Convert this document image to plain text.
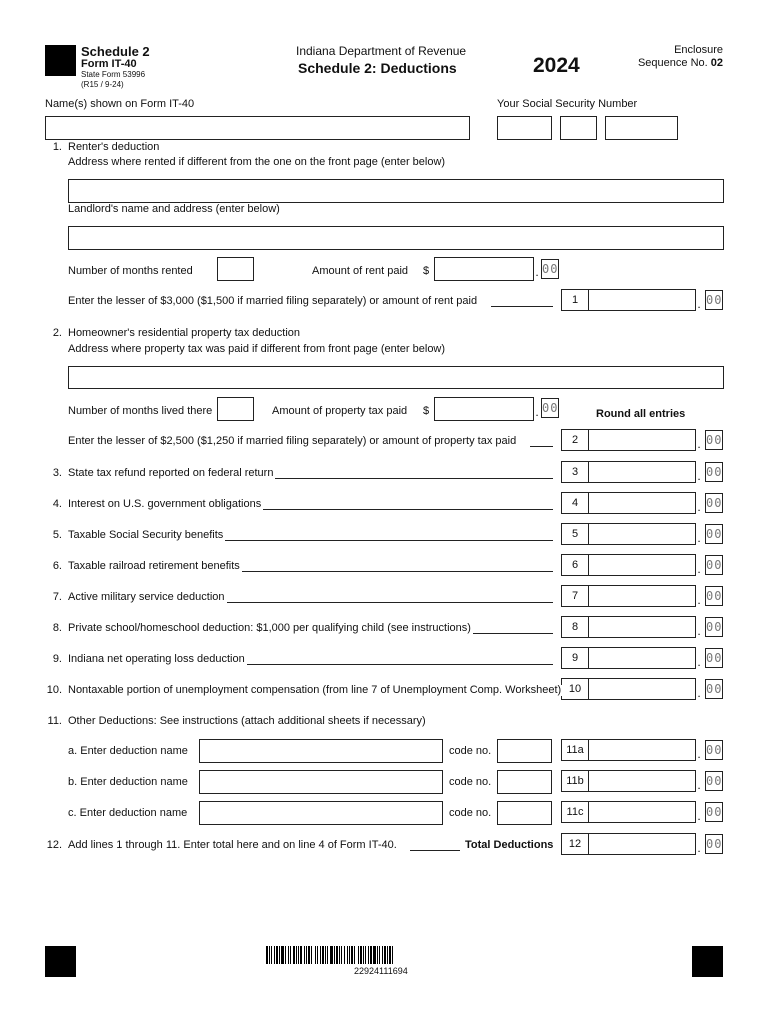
Schedule 2
Form IT-40
State Form 53996
(R15 / 9-24)
Indiana Department of Revenue
Schedule 2: Deductions	2024
Enclosure
Sequence No. 02
Name(s) shown on Form IT-40	Your Social Security Number
1. Renter's deduction
Address where rented if different from the one on the front page (enter below)
Landlord's name and address (enter below)
Number of months rented	Amount of rent paid $	. 00
Enter the lesser of $3,000 ($1,500 if married filing separately) or amount of rent paid	1	. 00
2. Homeowner's residential property tax deduction
Address where property tax was paid if different from front page (enter below)
Number of months lived there	Amount of property tax paid $	. 00	Round all entries
Enter the lesser of $2,500 ($1,250 if married filing separately) or amount of property tax paid	2	. 00
3. State tax refund reported on federal return	3	. 00
4. Interest on U.S. government obligations	4	. 00
5. Taxable Social Security benefits	5	. 00
6. Taxable railroad retirement benefits	6	. 00
7. Active military service deduction	7	. 00
8. Private school/homeschool deduction: $1,000 per qualifying child (see instructions)	8	. 00
9. Indiana net operating loss deduction	9	. 00
10. Nontaxable portion of unemployment compensation (from line 7 of Unemployment Comp. Worksheet) 10	. 00
11. Other Deductions: See instructions (attach additional sheets if necessary)
a. Enter deduction name	code no.	11a	. 00
b. Enter deduction name	code no.	11b	. 00
c. Enter deduction name	code no.	11c	. 00
12. Add lines 1 through 11. Enter total here and on line 4 of Form IT-40.	Total Deductions	12	. 00
22924111694
